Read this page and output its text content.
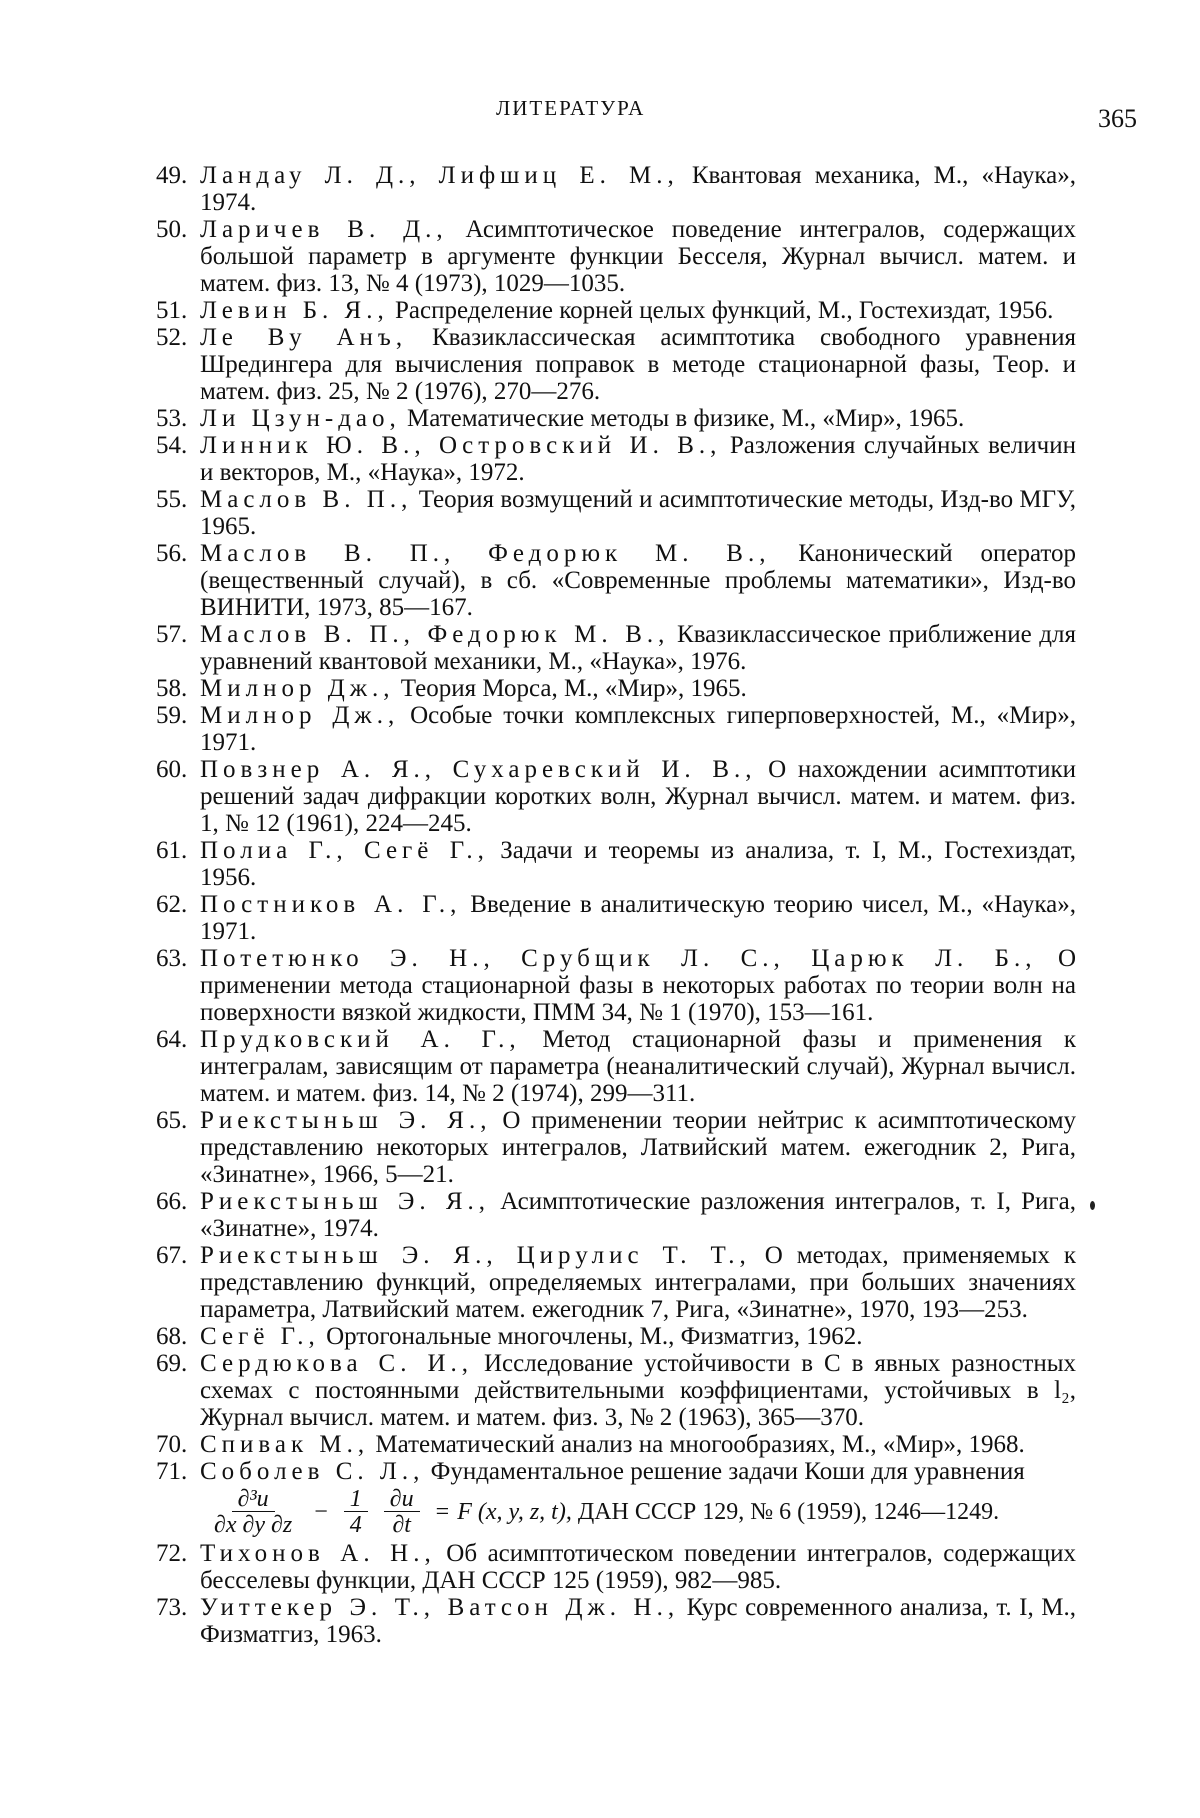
ЛИТЕРАТУРА	365
49. Ландау Л. Д., Лифшиц Е. М., Квантовая механика, М., «Наука», 1974.
50. Ларичев В. Д., Асимптотическое поведение интегралов, содержащих большой параметр в аргументе функции Бесселя, Журнал вычисл. матем. и матем. физ. 13, № 4 (1973), 1029—1035.
51. Левин Б. Я., Распределение корней целых функций, М., Гостехиздат, 1956.
52. Ле Ву Анъ, Квазиклассическая асимптотика свободного уравнения Шредингера для вычисления поправок в методе стационарной фазы, Теор. и матем. физ. 25, № 2 (1976), 270—276.
53. Ли Цзун-дао, Математические методы в физике, М., «Мир», 1965.
54. Линник Ю. В., Островский И. В., Разложения случайных величин и векторов, М., «Наука», 1972.
55. Маслов В. П., Теория возмущений и асимптотические методы, Изд-во МГУ, 1965.
56. Маслов В. П., Федорюк М. В., Канонический оператор (вещественный случай), в сб. «Современные проблемы математики», Изд-во ВИНИТИ, 1973, 85—167.
57. Маслов В. П., Федорюк М. В., Квазиклассическое приближение для уравнений квантовой механики, М., «Наука», 1976.
58. Милнор Дж., Теория Морса, М., «Мир», 1965.
59. Милнор Дж., Особые точки комплексных гиперповерхностей, М., «Мир», 1971.
60. Повзнер А. Я., Сухаревский И. В., О нахождении асимптотики решений задач дифракции коротких волн, Журнал вычисл. матем. и матем. физ. 1, № 12 (1961), 224—245.
61. Полиа Г., Сегё Г., Задачи и теоремы из анализа, т. I, М., Гостехиздат, 1956.
62. Постников А. Г., Введение в аналитическую теорию чисел, М., «Наука», 1971.
63. Потетюнко Э. Н., Срубщик Л. С., Царюк Л. Б., О применении метода стационарной фазы в некоторых работах по теории волн на поверхности вязкой жидкости, ПММ 34, № 1 (1970), 153—161.
64. Прудковский А. Г., Метод стационарной фазы и применения к интегралам, зависящим от параметра (неаналитический случай), Журнал вычисл. матем. и матем. физ. 14, № 2 (1974), 299—311.
65. Риекстыньш Э. Я., О применении теории нейтрис к асимптотическому представлению некоторых интегралов, Латвийский матем. ежегодник 2, Рига, «Зинатне», 1966, 5—21.
66. Риекстыньш Э. Я., Асимптотические разложения интегралов, т. I, Рига, «Зинатне», 1974.
67. Риекстыньш Э. Я., Цирулис Т. Т., О методах, применяемых к представлению функций, определяемых интегралами, при больших значениях параметра, Латвийский матем. ежегодник 7, Рига, «Зинатне», 1970, 193—253.
68. Сегё Г., Ортогональные многочлены, М., Физматгиз, 1962.
69. Сердюкова С. И., Исследование устойчивости в C в явных разностных схемах с постоянными действительными коэффициентами, устойчивых в l₂, Журнал вычисл. матем. и матем. физ. 3, № 2 (1963), 365—370.
70. Спивак М., Математический анализ на многообразиях, М., «Мир», 1968.
71. Соболев С. Л., Фундаментальное решение задачи Коши для уравнения
$\frac{\text{∂³u}}{\partial x \partial y \partial z} - \frac{1}{4} \frac{\partial u}{\partial t} = F$ (x, y, z, t), ДАН СССР 129, № 6 (1959), 1246—1249.
72. Тихонов А. Н., Об асимптотическом поведении интегралов, содержащих бесселевы функции, ДАН СССР 125 (1959), 982—985.
73. Уиттекер Э. Т., Ватсон Дж. Н., Курс современного анализа, т. I, М., Физматгиз, 1963.
